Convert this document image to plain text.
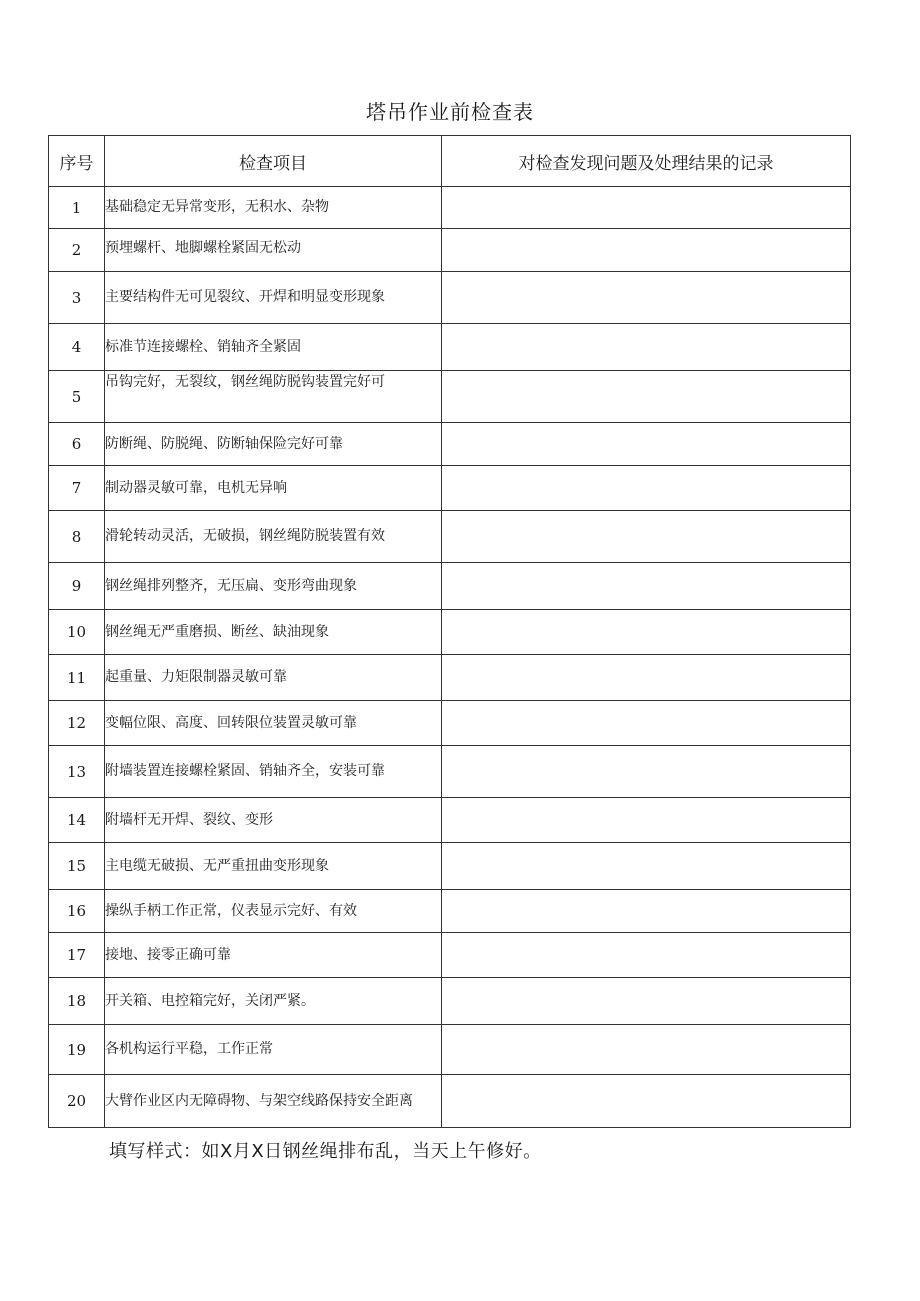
塔吊作业前检查表
序号	检查项目	对检查发现问题及处理结果的记录
1	基础稳定无异常变形，无积水、杂物	
2	预埋螺杆、地脚螺栓紧固无松动	
3	主要结构件无可见裂纹、开焊和明显变形现象	
4	标准节连接螺栓、销轴齐全紧固	
5	吊钩完好，无裂纹，钢丝绳防脱钩装置完好可	
6	防断绳、防脱绳、防断轴保险完好可靠	
7	制动器灵敏可靠，电机无异响	
8	滑轮转动灵活，无破损，钢丝绳防脱装置有效	
9	钢丝绳排列整齐，无压扁、变形弯曲现象	
10	钢丝绳无严重磨损、断丝、缺油现象	
11	起重量、力矩限制器灵敏可靠	
12	变幅位限、高度、回转限位装置灵敏可靠	
13	附墙装置连接螺栓紧固、销轴齐全，安装可靠	
14	附墙杆无开焊、裂纹、变形	
15	主电缆无破损、无严重扭曲变形现象	
16	操纵手柄工作正常，仪表显示完好、有效	
17	接地、接零正确可靠	
18	开关箱、电控箱完好，关闭严紧。	
19	各机构运行平稳，工作正常	
20	大臂作业区内无障碍物、与架空线路保持安全距离	
填写样式：如X月X日钢丝绳排布乱，当天上午修好。
